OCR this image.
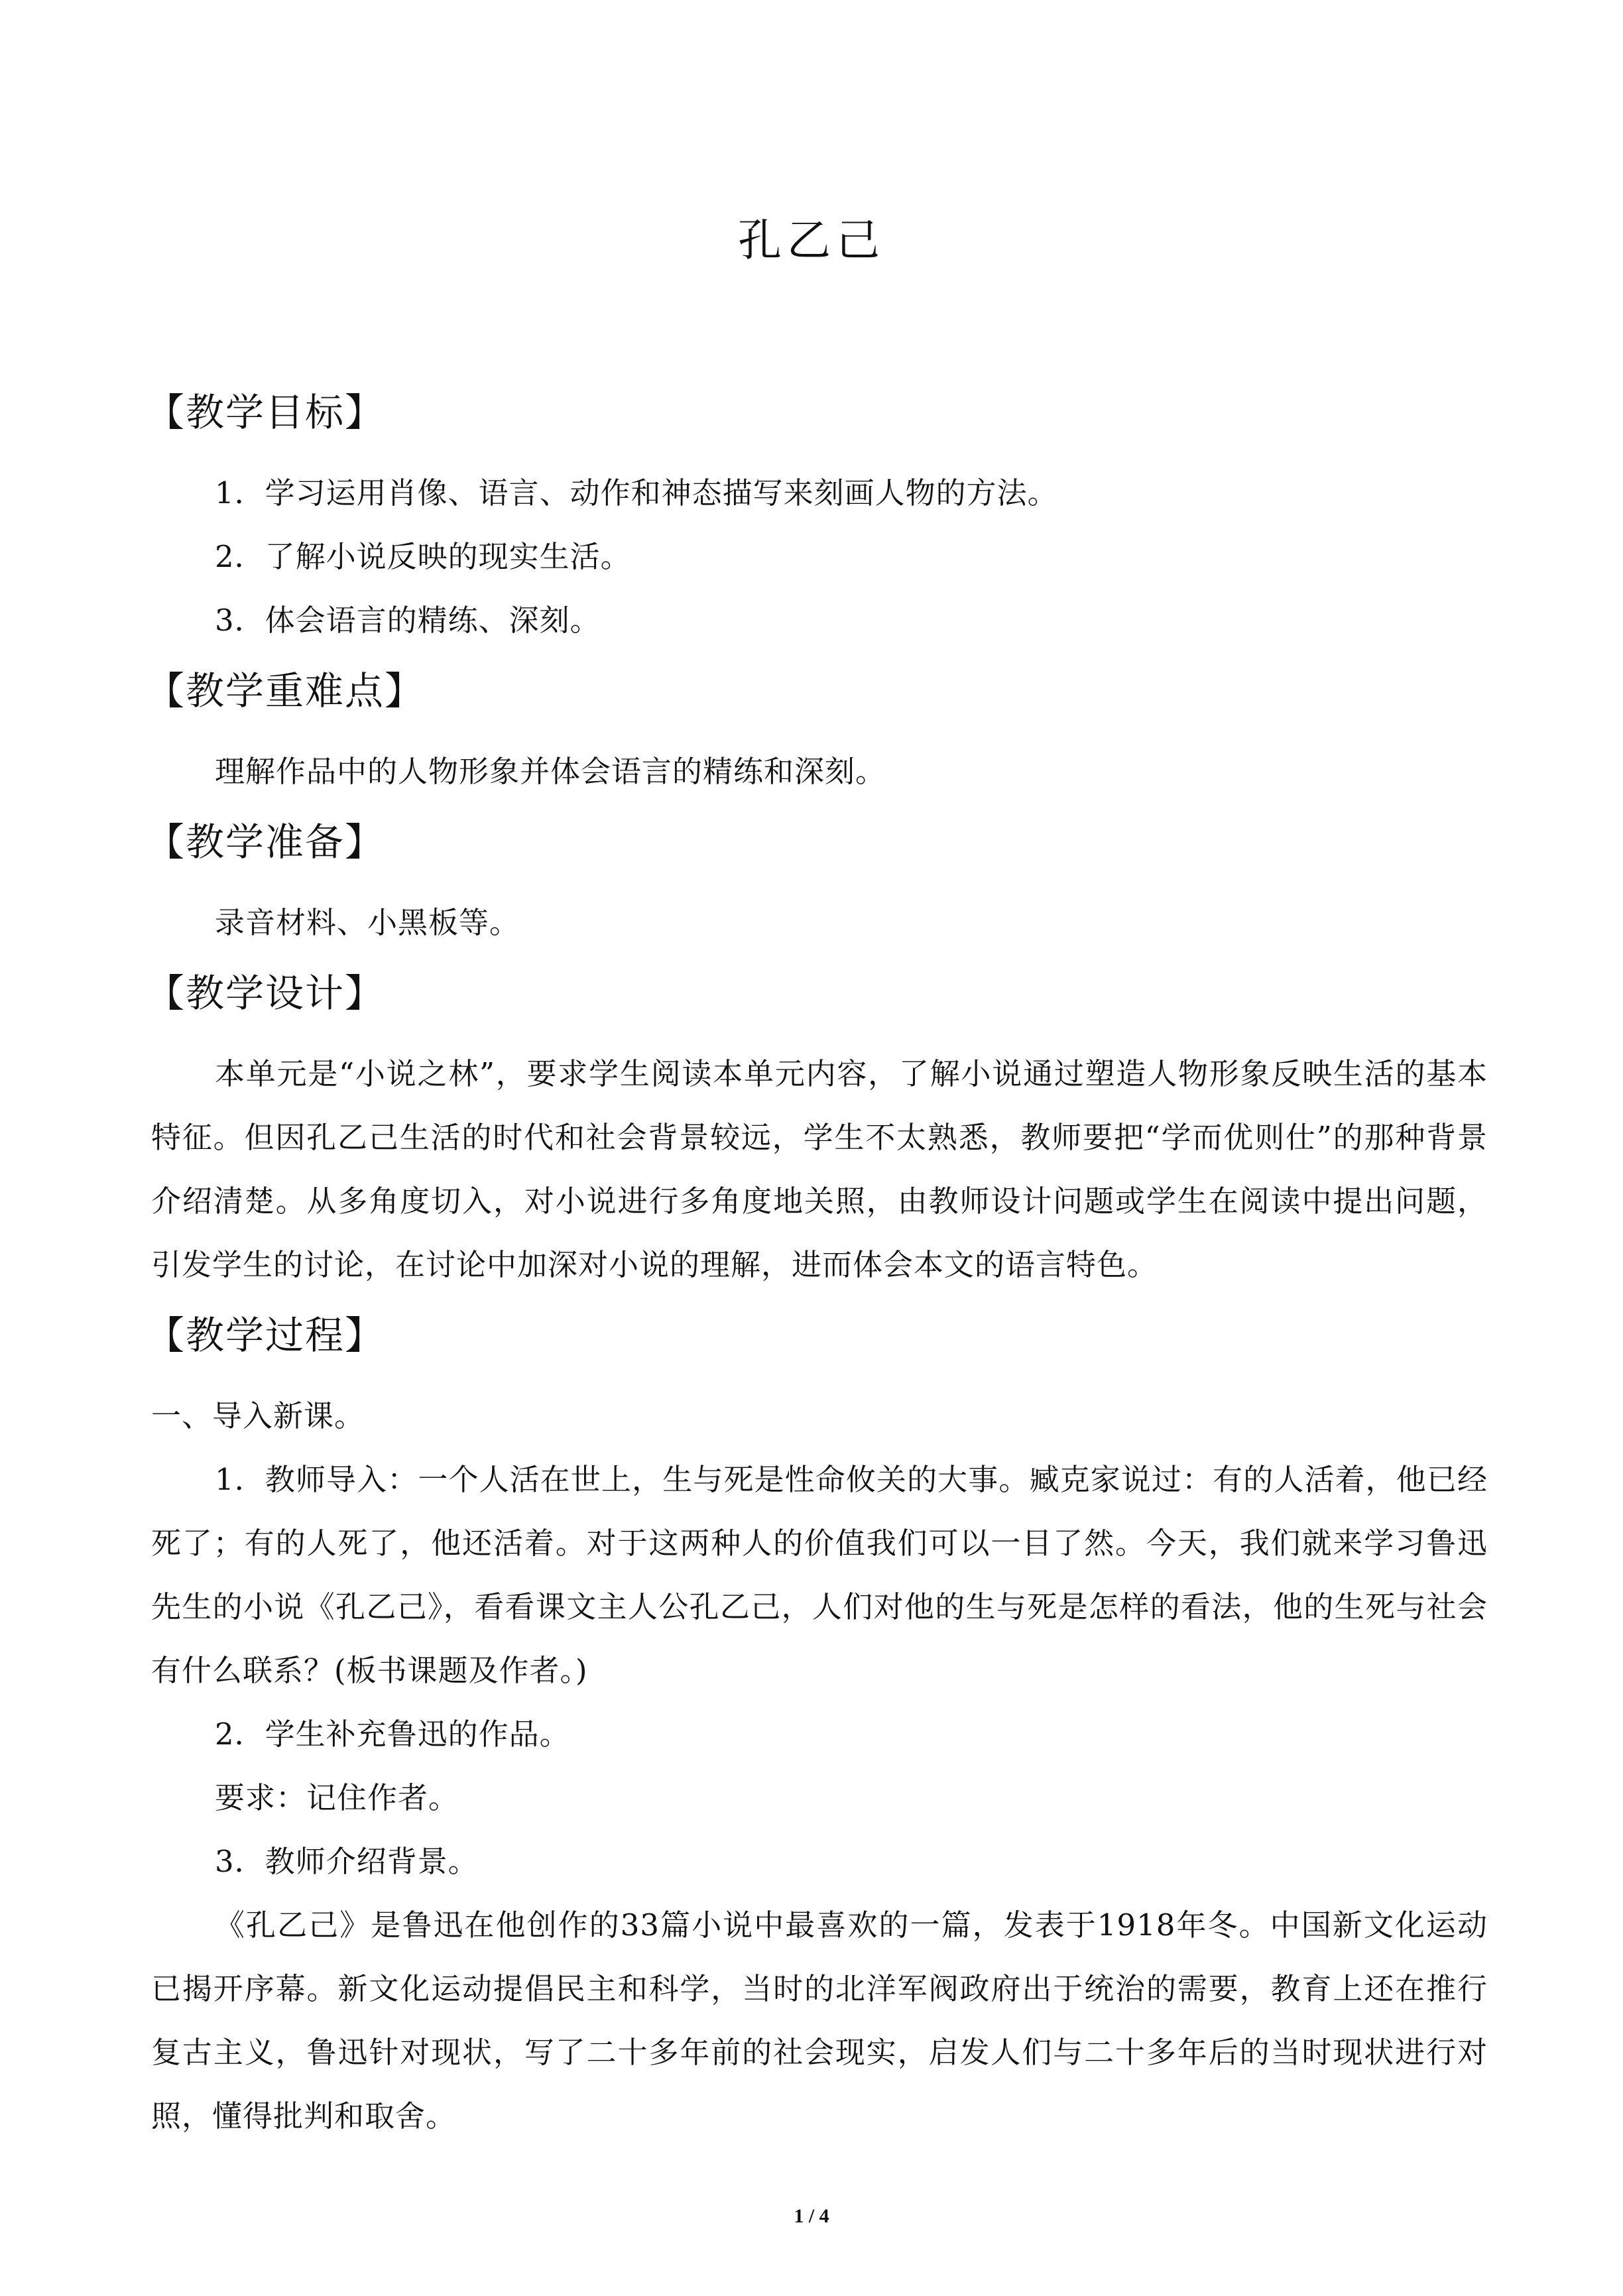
孔乙己
【教学目标】

1．学习运用肖像、语言、动作和神态描写来刻画人物的方法。

2．了解小说反映的现实生活。

3．体会语言的精练、深刻。

【教学重难点】

理解作品中的人物形象并体会语言的精练和深刻。

【教学准备】

录音材料、小黑板等。

【教学设计】

本单元是“小说之林”，要求学生阅读本单元内容，了解小说通过塑造人物形象反映生活的基本特征。但因孔乙己生活的时代和社会背景较远，学生不太熟悉，教师要把“学而优则仕”的那种背景介绍清楚。从多角度切入，对小说进行多角度地关照，由教师设计问题或学生在阅读中提出问题，引发学生的讨论，在讨论中加深对小说的理解，进而体会本文的语言特色。

【教学过程】

一、导入新课。

1．教师导入：一个人活在世上，生与死是性命攸关的大事。臧克家说过：有的人活着，他已经死了；有的人死了，他还活着。对于这两种人的价值我们可以一目了然。今天，我们就来学习鲁迅先生的小说《孔乙己》，看看课文主人公孔乙己，人们对他的生与死是怎样的看法，他的生死与社会有什么联系？(板书课题及作者。)

2．学生补充鲁迅的作品。

要求：记住作者。

3．教师介绍背景。

《孔乙己》是鲁迅在他创作的33篇小说中最喜欢的一篇，发表于1918年冬。中国新文化运动已揭开序幕。新文化运动提倡民主和科学，当时的北洋军阀政府出于统治的需要，教育上还在推行复古主义，鲁迅针对现状，写了二十多年前的社会现实，启发人们与二十多年后的当时现状进行对照，懂得批判和取舍。

1 / 4
